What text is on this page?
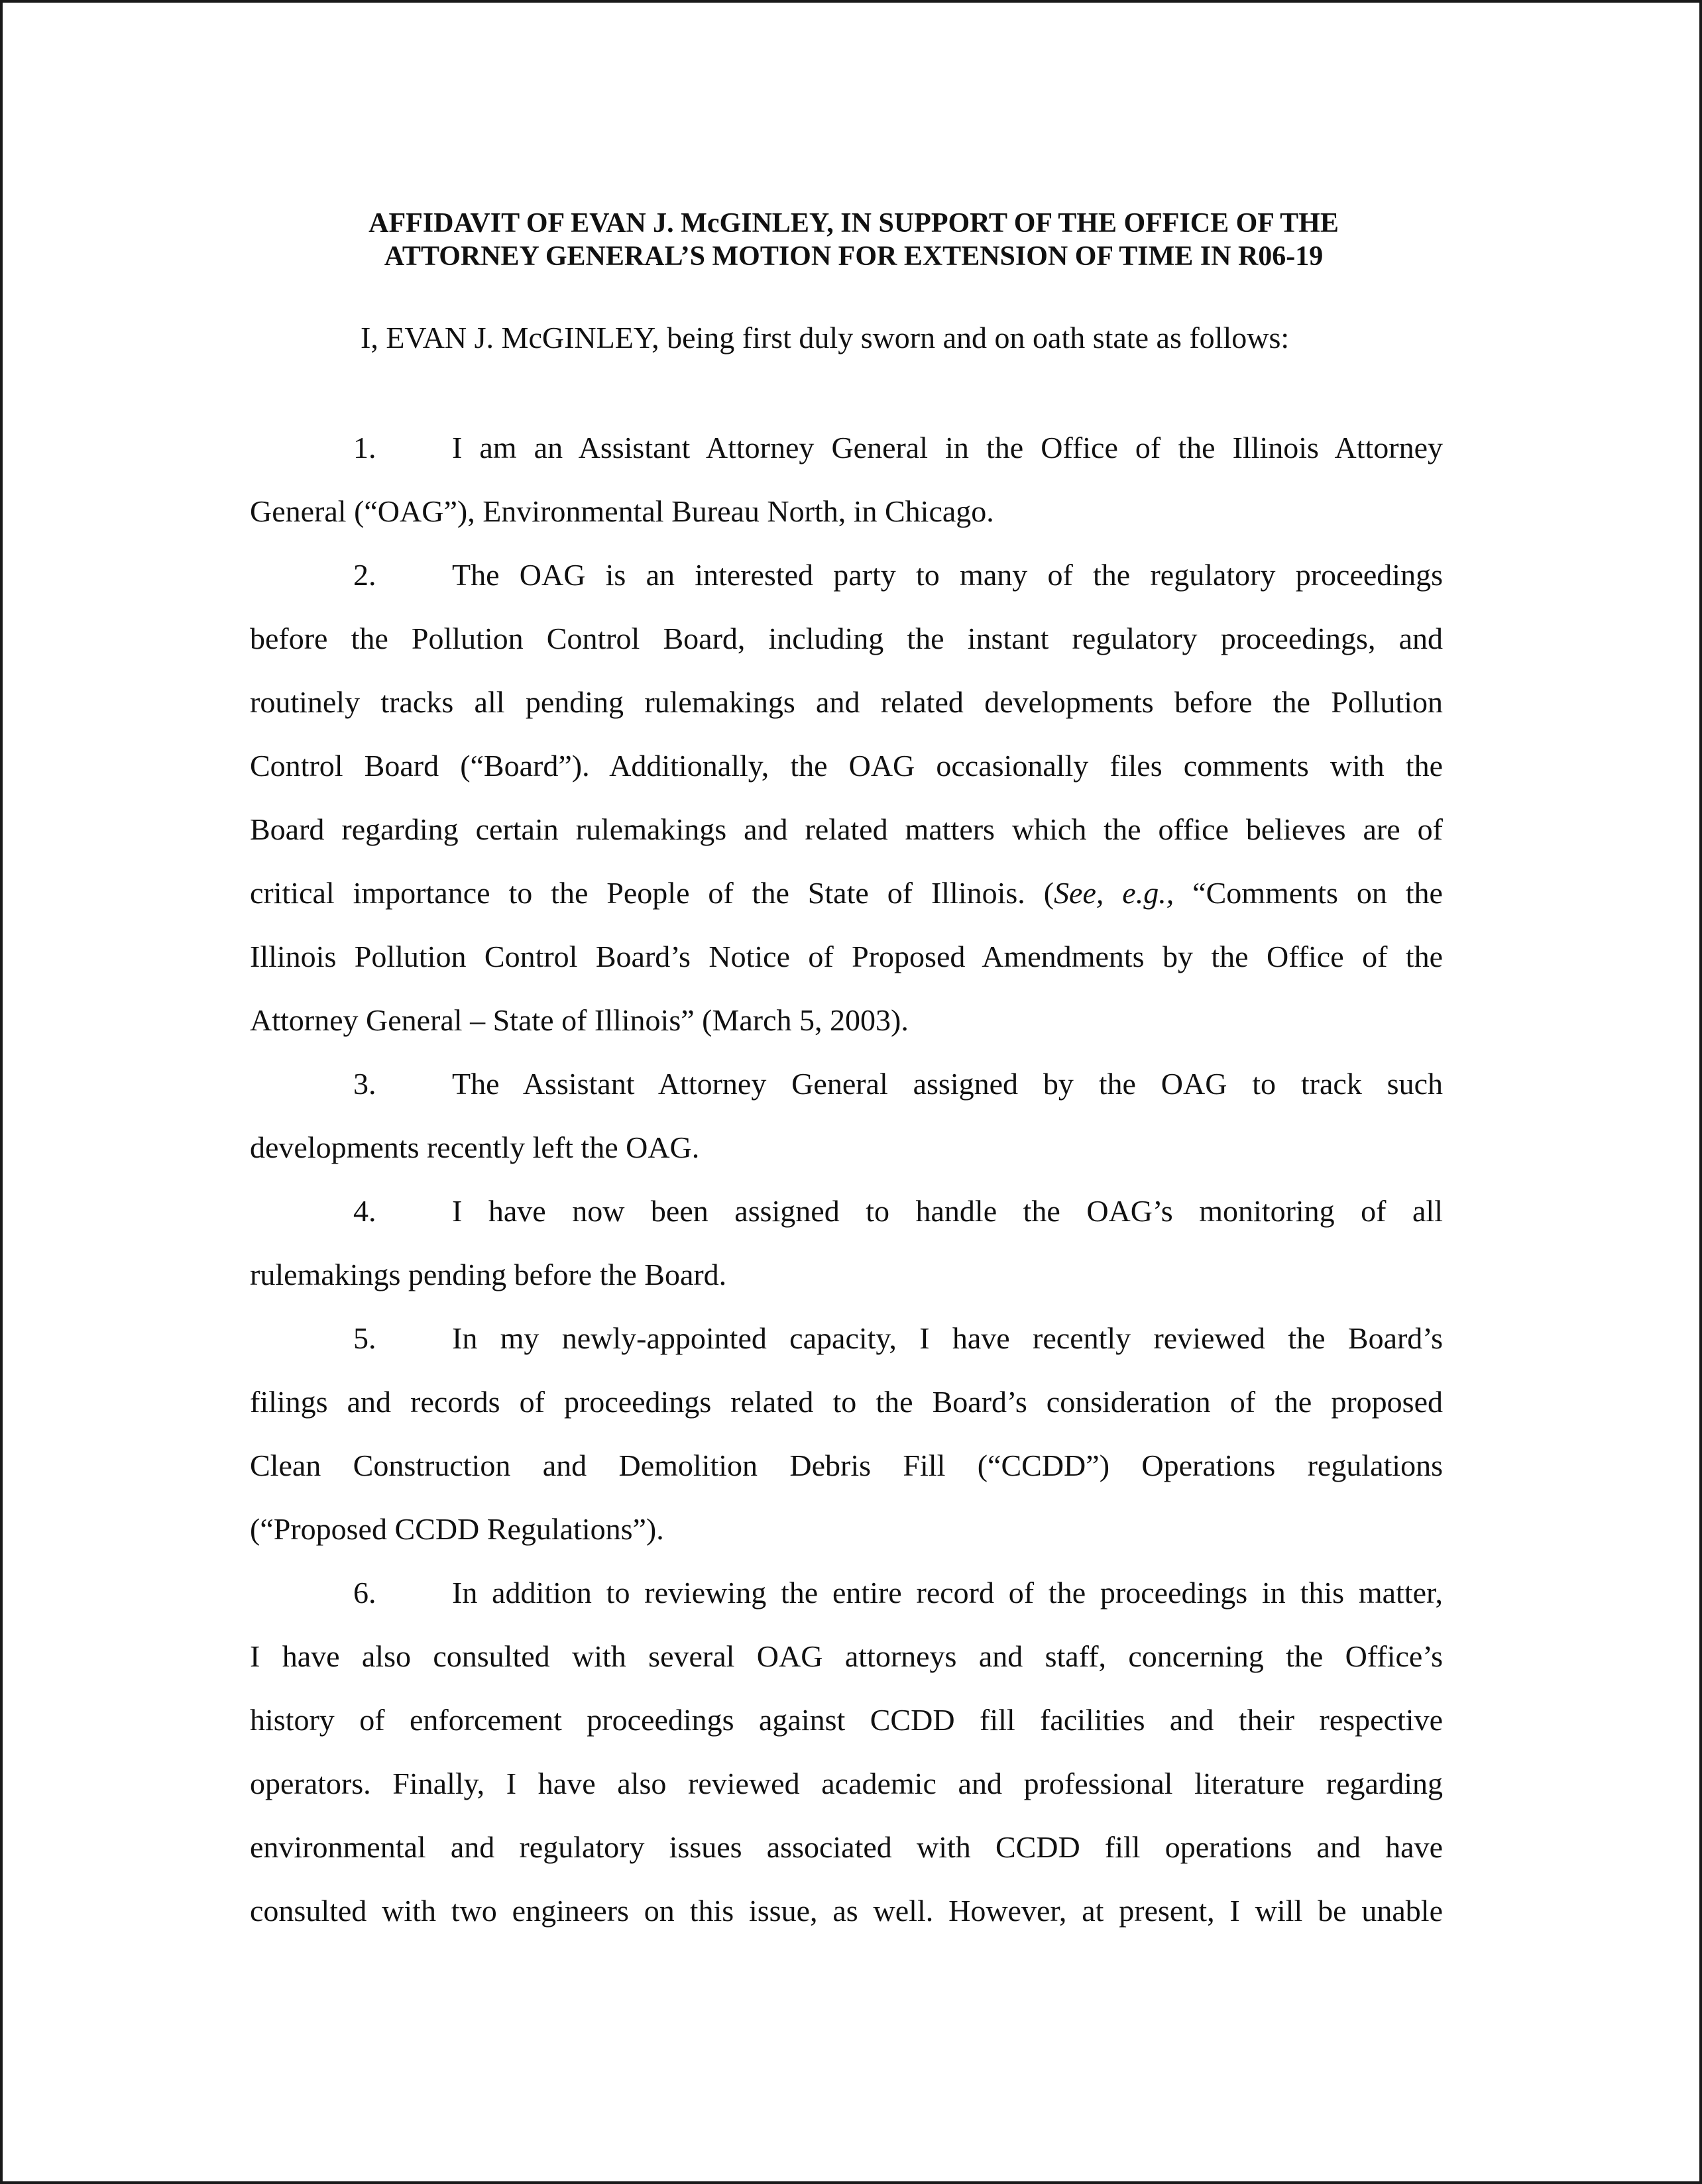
AFFIDAVIT OF EVAN J. McGINLEY, IN SUPPORT OF THE OFFICE OF THE
ATTORNEY GENERAL’S MOTION FOR EXTENSION OF TIME IN R06-19

I, EVAN J. McGINLEY, being first duly sworn and on oath state as follows:

1. I am an Assistant Attorney General in the Office of the Illinois Attorney
General (“OAG”), Environmental Bureau North, in Chicago.

2. The OAG is an interested party to many of the regulatory proceedings
before the Pollution Control Board, including the instant regulatory proceedings, and
routinely tracks all pending rulemakings and related developments before the Pollution
Control Board (“Board”). Additionally, the OAG occasionally files comments with the
Board regarding certain rulemakings and related matters which the office believes are of
critical importance to the People of the State of Illinois. (See, e.g., “Comments on the
Illinois Pollution Control Board’s Notice of Proposed Amendments by the Office of the
Attorney General – State of Illinois” (March 5, 2003).

3. The Assistant Attorney General assigned by the OAG to track such
developments recently left the OAG.

4. I have now been assigned to handle the OAG’s monitoring of all
rulemakings pending before the Board.

5. In my newly-appointed capacity, I have recently reviewed the Board’s
filings and records of proceedings related to the Board’s consideration of the proposed
Clean Construction and Demolition Debris Fill (“CCDD”) Operations regulations
(“Proposed CCDD Regulations”).

6. In addition to reviewing the entire record of the proceedings in this matter,
I have also consulted with several OAG attorneys and staff, concerning the Office’s
history of enforcement proceedings against CCDD fill facilities and their respective
operators. Finally, I have also reviewed academic and professional literature regarding
environmental and regulatory issues associated with CCDD fill operations and have
consulted with two engineers on this issue, as well. However, at present, I will be unable
